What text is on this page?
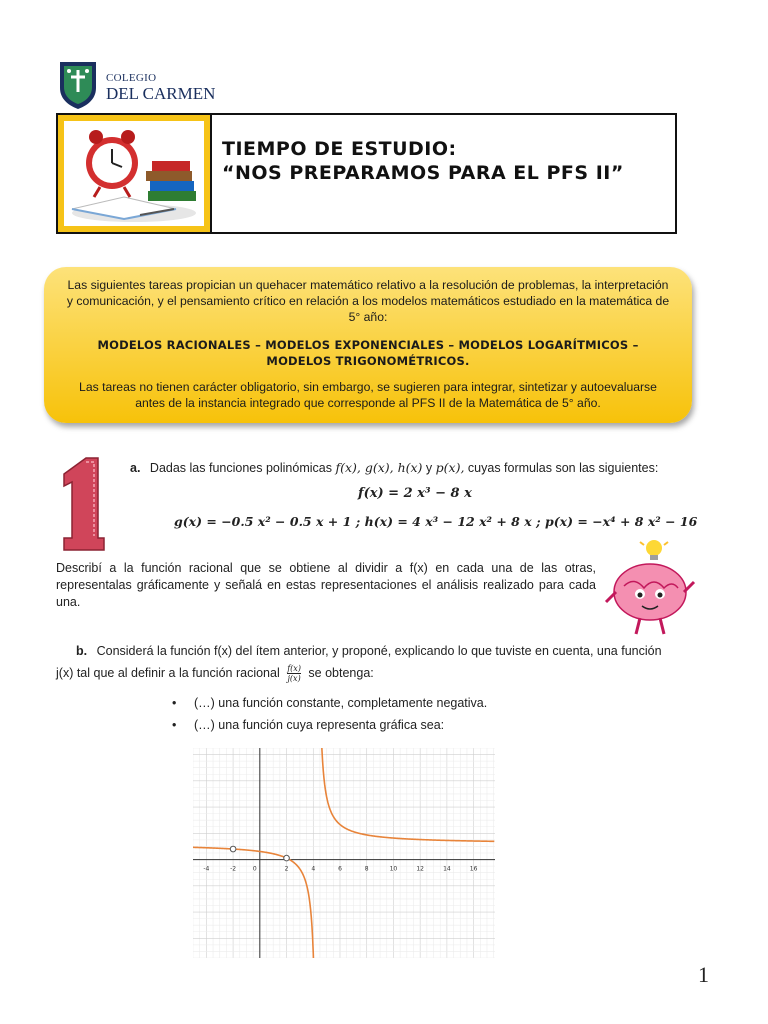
COLEGIO
DEL CARMEN
TIEMPO DE ESTUDIO:
“NOS PREPARAMOS PARA EL PFS II”

Las siguientes tareas propician un quehacer matemático relativo a la resolución de problemas, la interpretación y comunicación, y el pensamiento crítico en relación a los modelos matemáticos estudiado en la matemática de 5° año:

MODELOS RACIONALES – MODELOS EXPONENCIALES – MODELOS LOGARÍTMICOS – MODELOS TRIGONOMÉTRICOS.

Las tareas no tienen carácter obligatorio, sin embargo, se sugieren para integrar, sintetizar y autoevaluarse antes de la instancia integrado que corresponde al PFS II de la Matemática de 5° año.

a. Dadas las funciones polinómicas f(x), g(x), h(x) y p(x), cuyas formulas son las siguientes:
f(x) = 2 x³ − 8 x
g(x) = −0.5 x² − 0.5 x + 1 ; h(x) = 4 x³ − 12 x² + 8 x ; p(x) = −x⁴ + 8 x² − 16
Describí a la función racional que se obtiene al dividir a f(x) en cada una de las otras, representalas gráficamente y señalá en estas representaciones el análisis realizado para cada una.
b. Considerá la función f(x) del ítem anterior, y proponé, explicando lo que tuviste en cuenta, una función
j(x) tal que al definir a la función racional $\frac{f(x)}{j(x)}$ se obtenga:
• (…) una función constante, completamente negativa.
• (…) una función cuya representa gráfica sea:
-4	-2	0	2	4	6	8	10	12	14	16
1
